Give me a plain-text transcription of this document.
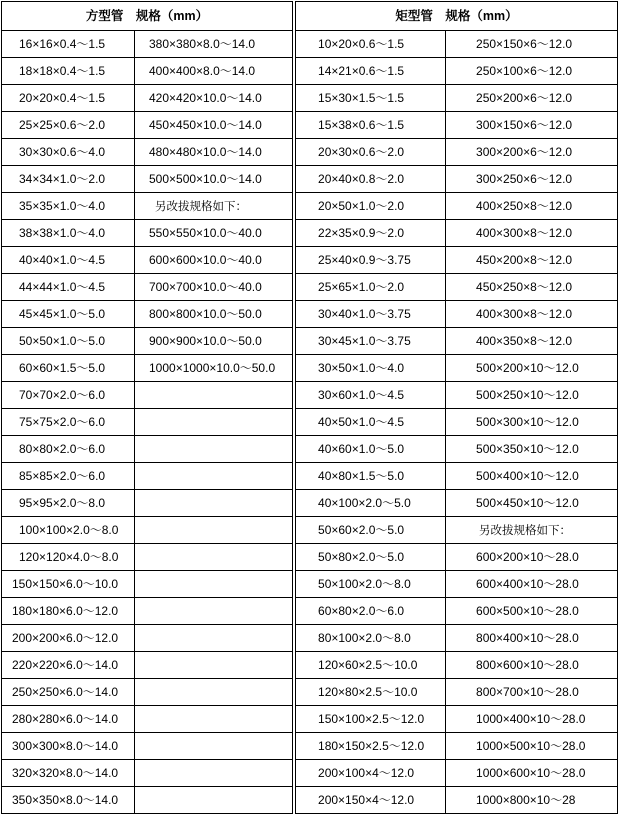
方型管　规格（mm）			矩型管　规格（mm）	
16×16×0.4～1.5	380×380×8.0～14.0		10×20×0.6～1.5	250×150×6～12.0
18×18×0.4～1.5	400×400×8.0～14.0		14×21×0.6～1.5	250×100×6～12.0
20×20×0.4～1.5	420×420×10.0～14.0		15×30×1.5～1.5	250×200×6～12.0
25×25×0.6～2.0	450×450×10.0～14.0		15×38×0.6～1.5	300×150×6～12.0
30×30×0.6～4.0	480×480×10.0～14.0		20×30×0.6～2.0	300×200×6～12.0
34×34×1.0～2.0	500×500×10.0～14.0		20×40×0.8～2.0	300×250×6～12.0
35×35×1.0～4.0	另改拔规格如下：		20×50×1.0～2.0	400×250×8～12.0
38×38×1.0～4.0	550×550×10.0～40.0		22×35×0.9～2.0	400×300×8～12.0
40×40×1.0～4.5	600×600×10.0～40.0		25×40×0.9～3.75	450×200×8～12.0
44×44×1.0～4.5	700×700×10.0～40.0		25×65×1.0～2.0	450×250×8～12.0
45×45×1.0～5.0	800×800×10.0～50.0		30×40×1.0～3.75	400×300×8～12.0
50×50×1.0～5.0	900×900×10.0～50.0		30×45×1.0～3.75	400×350×8～12.0
60×60×1.5～5.0	1000×1000×10.0～50.0		30×50×1.0～4.0	500×200×10～12.0
70×70×2.0～6.0			30×60×1.0～4.5	500×250×10～12.0
75×75×2.0～6.0			40×50×1.0～4.5	500×300×10～12.0
80×80×2.0～6.0			40×60×1.0～5.0	500×350×10～12.0
85×85×2.0～6.0			40×80×1.5～5.0	500×400×10～12.0
95×95×2.0～8.0			40×100×2.0～5.0	500×450×10～12.0
100×100×2.0～8.0			50×60×2.0～5.0	另改拔规格如下：
120×120×4.0～8.0			50×80×2.0～5.0	600×200×10～28.0
150×150×6.0～10.0			50×100×2.0～8.0	600×400×10～28.0
180×180×6.0～12.0			60×80×2.0～6.0	600×500×10～28.0
200×200×6.0～12.0			80×100×2.0～8.0	800×400×10～28.0
220×220×6.0～14.0			120×60×2.5～10.0	800×600×10～28.0
250×250×6.0～14.0			120×80×2.5～10.0	800×700×10～28.0
280×280×6.0～14.0			150×100×2.5～12.0	1000×400×10～28.0
300×300×8.0～14.0			180×150×2.5～12.0	1000×500×10～28.0
320×320×8.0～14.0			200×100×4～12.0	1000×600×10～28.0
350×350×8.0～14.0			200×150×4～12.0	1000×800×10～28
